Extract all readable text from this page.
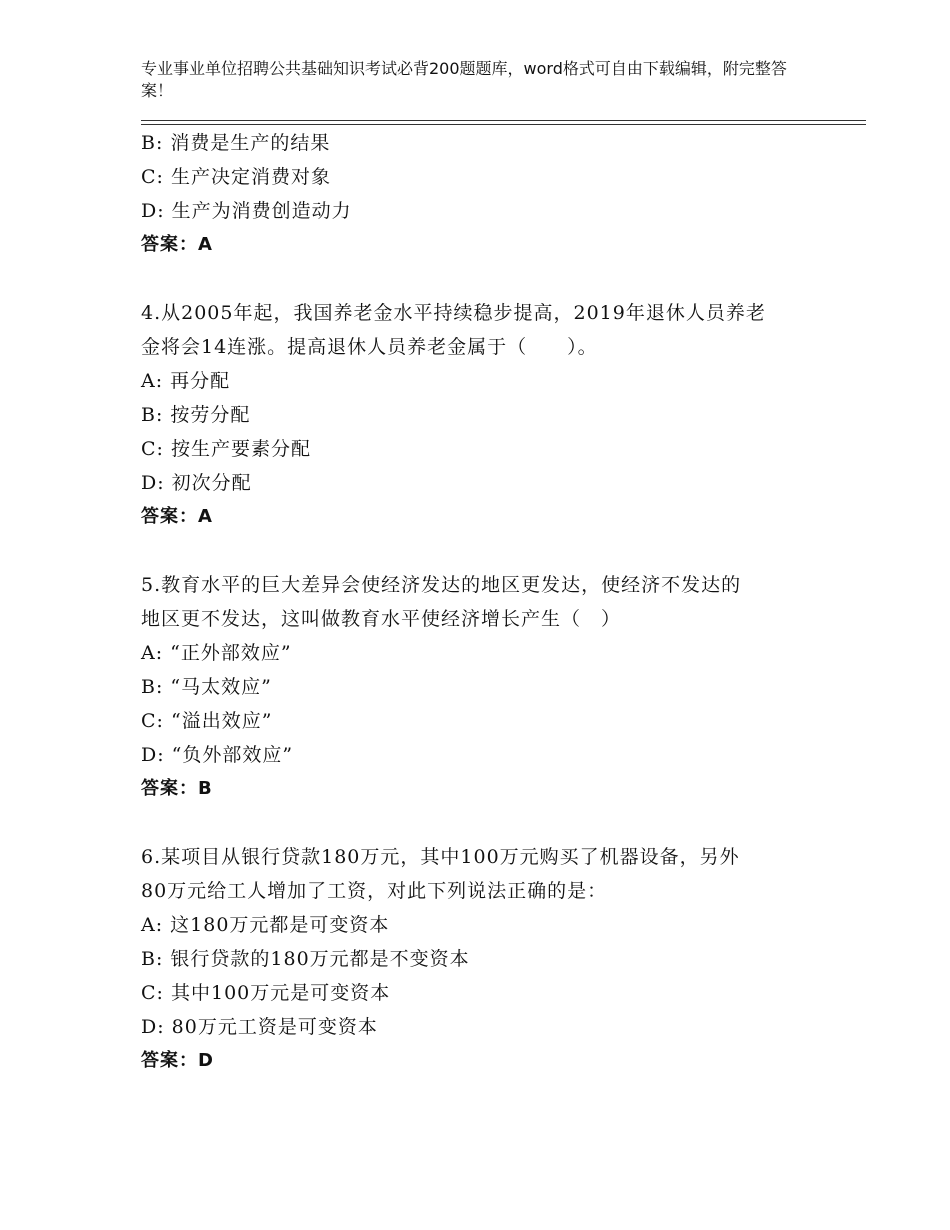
专业事业单位招聘公共基础知识考试必背200题题库，word格式可自由下载编辑，附完整答案！
B: 消费是生产的结果
C: 生产决定消费对象
D: 生产为消费创造动力
答案：A
4.从2005年起，我国养老金水平持续稳步提高，2019年退休人员养老
金将会14连涨。提高退休人员养老金属于（　　）。
A: 再分配
B: 按劳分配
C: 按生产要素分配
D: 初次分配
答案：A
5.教育水平的巨大差异会使经济发达的地区更发达，使经济不发达的
地区更不发达，这叫做教育水平使经济增长产生（　）
A: “正外部效应”
B: “马太效应”
C: “溢出效应”
D: “负外部效应”
答案：B
6.某项目从银行贷款180万元，其中100万元购买了机器设备，另外
80万元给工人增加了工资，对此下列说法正确的是：
A: 这180万元都是可变资本
B: 银行贷款的180万元都是不变资本
C: 其中100万元是可变资本
D: 80万元工资是可变资本
答案：D
